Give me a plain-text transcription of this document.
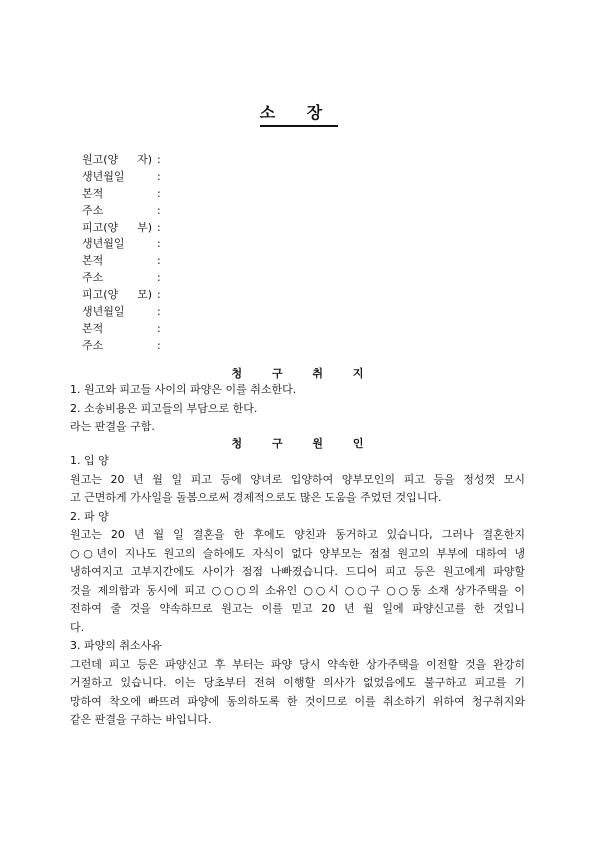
소 장
원고(양 자) :
생년월일	:
본적	:
주소	:
피고(양 부) :
생년월일	:
본적	:
주소	:
피고(양 모) :
생년월일	:
본적	:
주소	:
청 구 취 지
1. 원고와 피고들 사이의 파양은 이를 취소한다.
2. 소송비용은 피고들의 부담으로 한다.
라는 판결을 구함.
청 구 원 인
1. 입 양
원고는 20 년 월 일 피고 등에 양녀로 입양하여 양부모인의 피고 등을 정성껏 모시
고 근면하게 가사일을 돌봄으로써 경제적으로도 많은 도움을 주었던 것입니다.
2. 파 양
원고는 20 년 월 일 결혼을 한 후에도 양친과 동거하고 있습니다, 그러나 결혼한지
○○년이 지나도 원고의 슬하에도 자식이 없다 양부모는 점점 원고의 부부에 대하여 냉
냉하여지고 고부지간에도 사이가 점점 나빠졌습니다. 드디어 피고 등은 원고에게 파양할
것을 제의함과 동시에 피고 ○○○의 소유인 ○○시 ○○구 ○○동 소재 상가주택을 이
전하여 줄 것을 약속하므로 원고는 이를 믿고 20 년 월 일에 파양신고를 한 것입니
다.
3. 파양의 취소사유
그런데 피고 등은 파양신고 후 부터는 파양 당시 약속한 상가주택을 이전할 것을 완강히
거절하고 있습니다. 이는 당초부터 전혀 이행할 의사가 없었음에도 불구하고 피고를 기
망하여 착오에 빠뜨려 파양에 동의하도록 한 것이므로 이를 취소하기 위하여 청구취지와
같은 판결을 구하는 바입니다.
